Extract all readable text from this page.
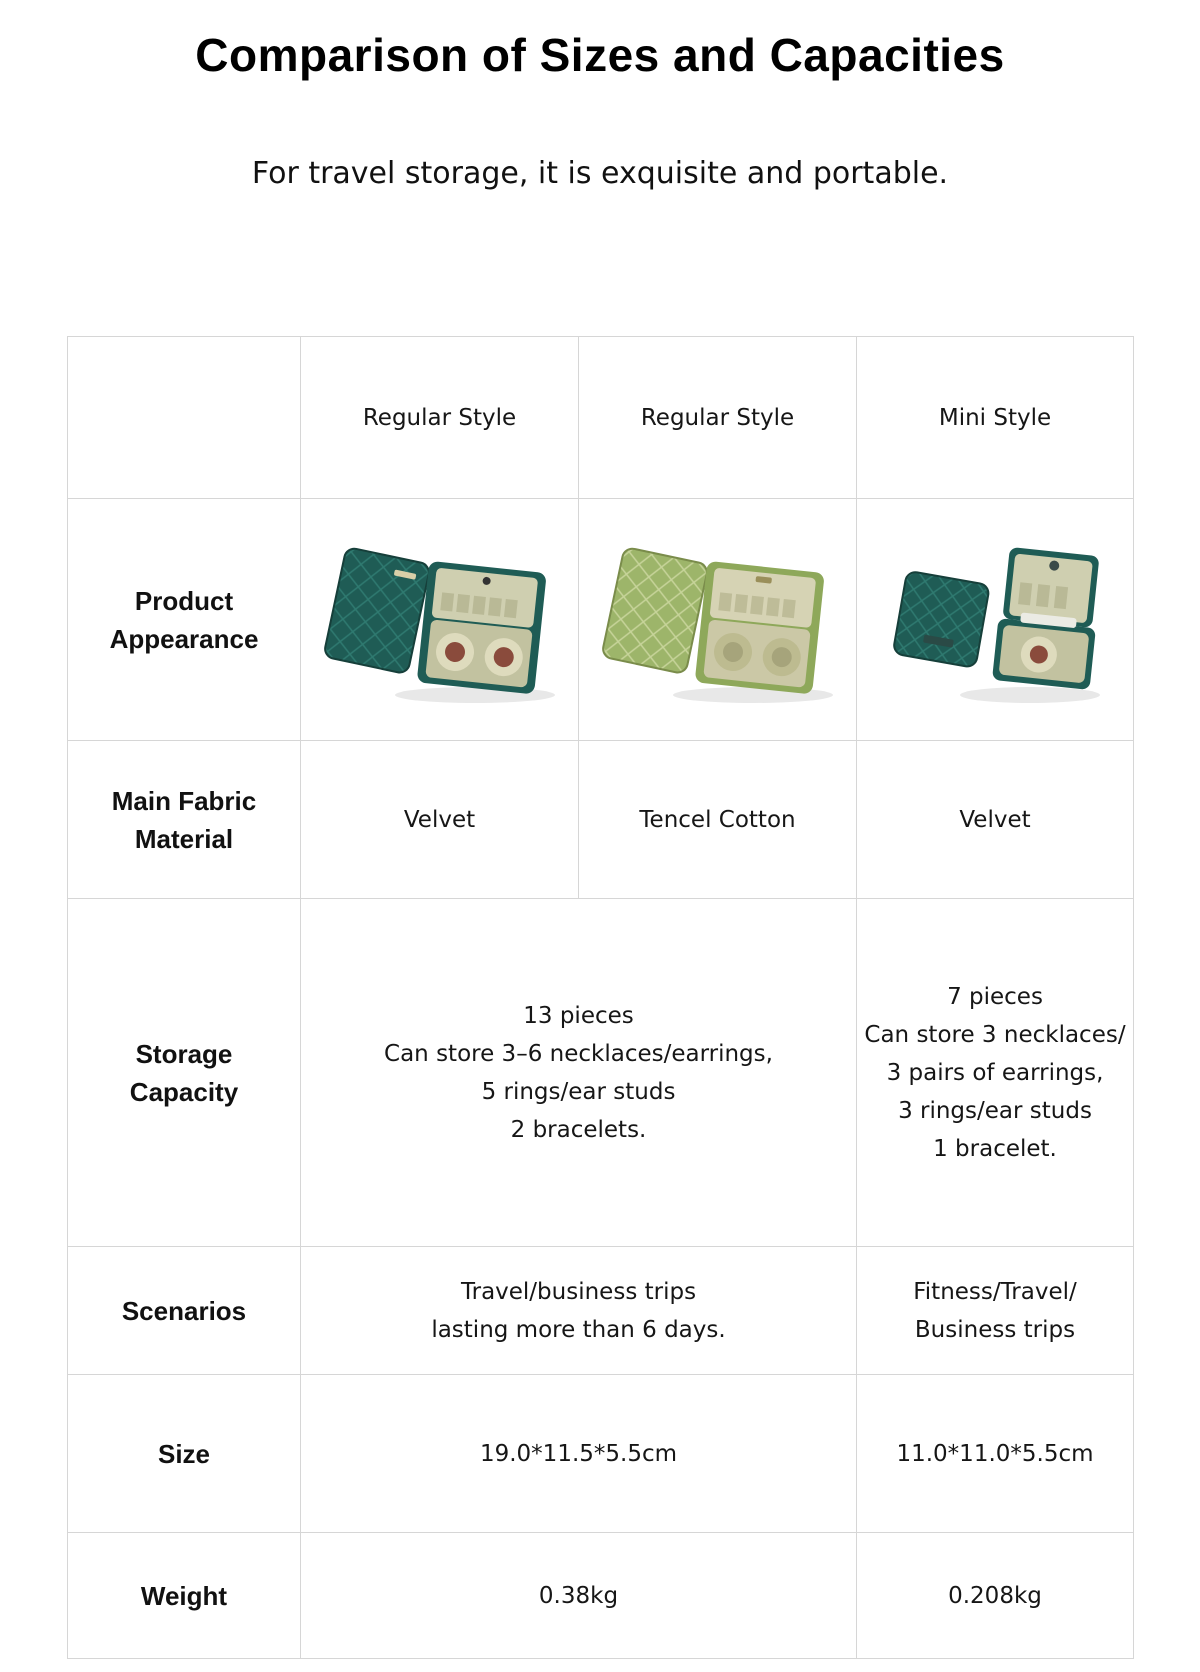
Comparison of Sizes and Capacities
For travel storage, it is exquisite and portable.
	Regular Style	Regular Style	Mini Style
Product
Appearance	

Main Fabric
Material	Velvet	Tencel Cotton	Velvet
Storage
Capacity	13 pieces
Can store 3–6 necklaces/earrings,
5 rings/ear studs
2 bracelets.		7 pieces
Can store 3 necklaces/
3 pairs of earrings,
3 rings/ear studs
1 bracelet.
Scenarios	Travel/business trips
lasting more than 6 days.		Fitness/Travel/
Business trips
Size	19.0*11.5*5.5cm		11.0*11.0*5.5cm
Weight	0.38kg		0.208kg
